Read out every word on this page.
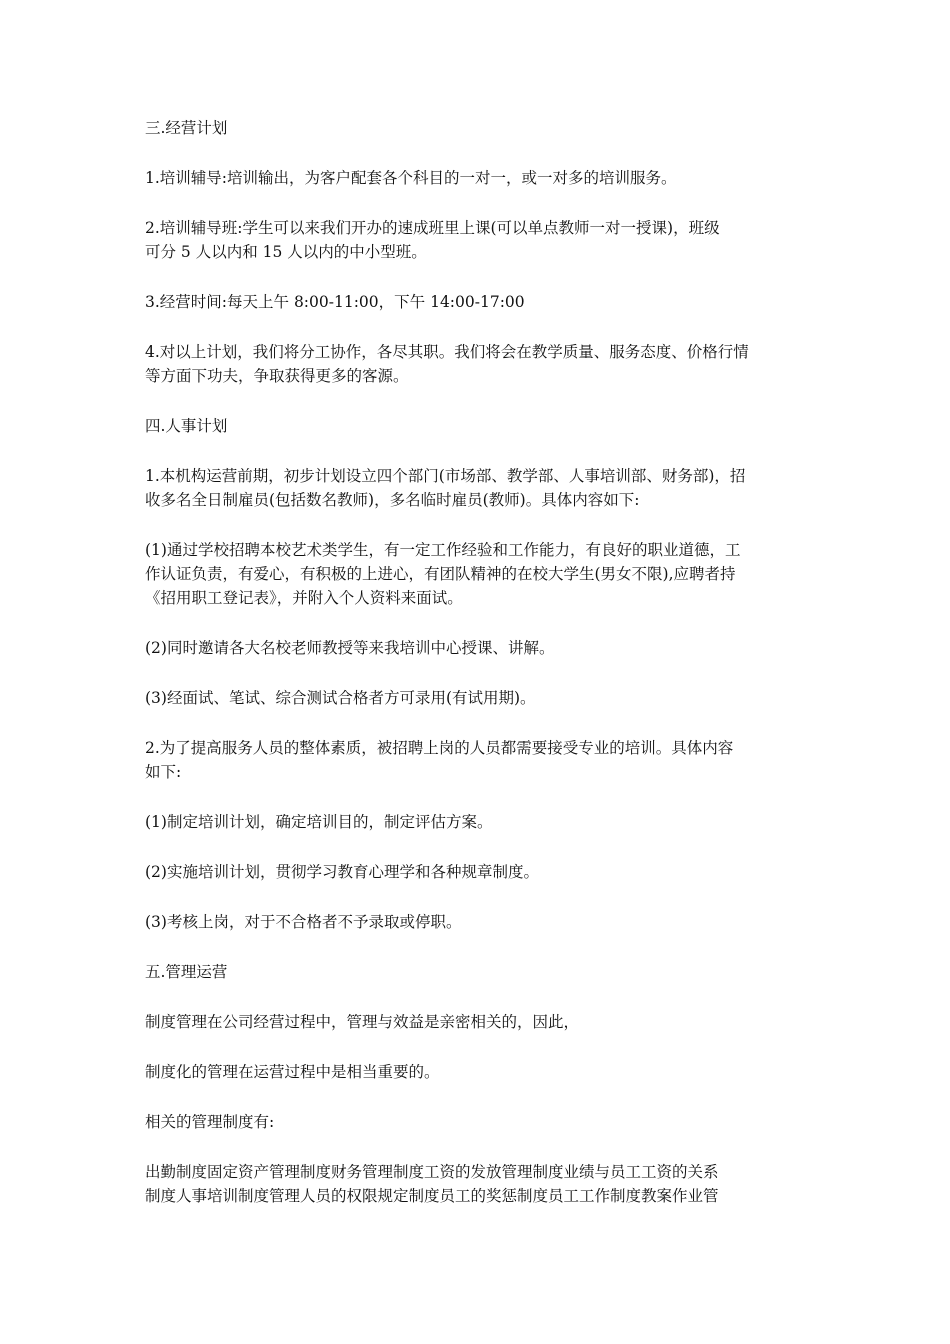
三.经营计划
1.培训辅导:培训输出，为客户配套各个科目的一对一，或一对多的培训服务。
2.培训辅导班:学生可以来我们开办的速成班里上课(可以单点教师一对一授课)，班级
可分 5 人以内和 15 人以内的中小型班。
3.经营时间:每天上午 8:00-11:00，下午 14:00-17:00
4.对以上计划，我们将分工协作，各尽其职。我们将会在教学质量、服务态度、价格行情
等方面下功夫，争取获得更多的客源。
四.人事计划
1.本机构运营前期，初步计划设立四个部门(市场部、教学部、人事培训部、财务部)，招
收多名全日制雇员(包括数名教师)，多名临时雇员(教师)。具体内容如下:
(1)通过学校招聘本校艺术类学生，有一定工作经验和工作能力，有良好的职业道德，工
作认证负责，有爱心，有积极的上进心，有团队精神的在校大学生(男女不限),应聘者持
《招用职工登记表》，并附入个人资料来面试。
(2)同时邀请各大名校老师教授等来我培训中心授课、讲解。
(3)经面试、笔试、综合测试合格者方可录用(有试用期)。
2.为了提高服务人员的整体素质，被招聘上岗的人员都需要接受专业的培训。具体内容
如下:
(1)制定培训计划，确定培训目的，制定评估方案。
(2)实施培训计划，贯彻学习教育心理学和各种规章制度。
(3)考核上岗，对于不合格者不予录取或停职。
五.管理运营
制度管理在公司经营过程中，管理与效益是亲密相关的，因此，
制度化的管理在运营过程中是相当重要的。
相关的管理制度有:
出勤制度固定资产管理制度财务管理制度工资的发放管理制度业绩与员工工资的关系
制度人事培训制度管理人员的权限规定制度员工的奖惩制度员工工作制度教案作业管
